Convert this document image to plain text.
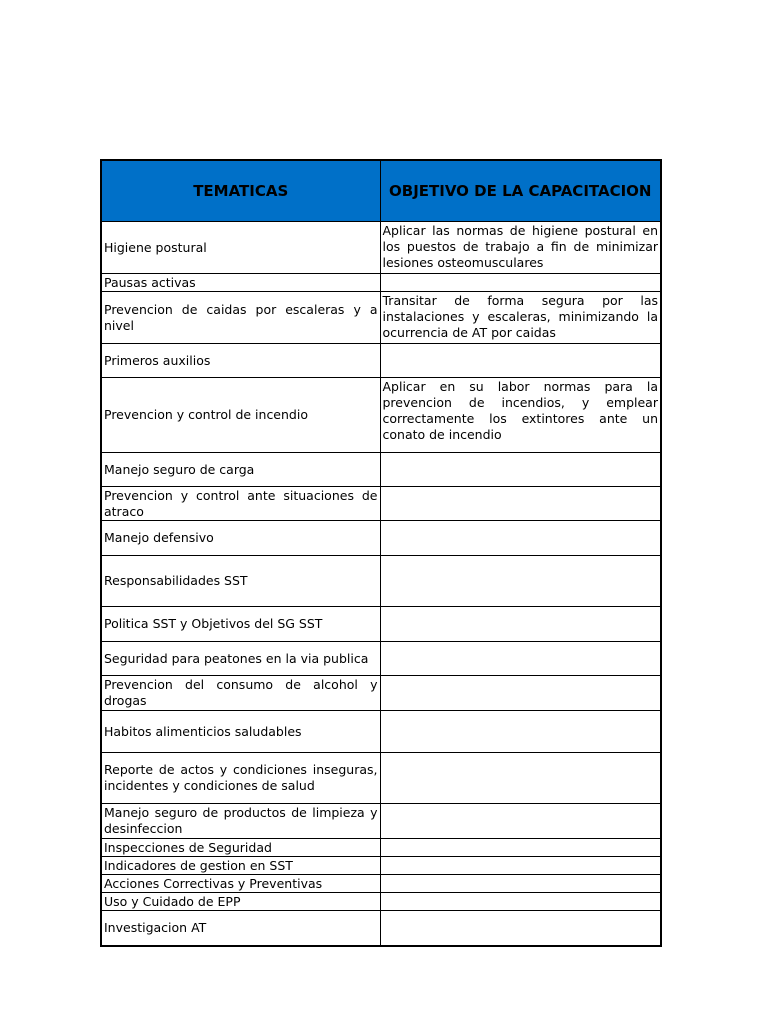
TEMATICAS	OBJETIVO DE LA CAPACITACION
Higiene postural	Aplicar las normas de higiene postural en los puestos de trabajo a fin de minimizar lesiones osteomusculares
Pausas activas	
Prevencion de caidas por escaleras y a nivel	Transitar de forma segura por las instalaciones y escaleras, minimizando la ocurrencia de AT por caidas
Primeros auxilios	
Prevencion y control de incendio	Aplicar en su labor normas para la prevencion de incendios, y emplear correctamente los extintores ante un conato de incendio
Manejo seguro de carga	
Prevencion y control ante situaciones de atraco	
Manejo defensivo	
Responsabilidades SST	
Politica SST y Objetivos del SG SST	
Seguridad para peatones en la via publica	
Prevencion del consumo de alcohol y drogas	
Habitos alimenticios saludables	
Reporte de actos y condiciones inseguras, incidentes y condiciones de salud	
Manejo seguro de productos de limpieza y desinfeccion	
Inspecciones de Seguridad	
Indicadores de gestion en SST	
Acciones Correctivas y Preventivas	
Uso y Cuidado de EPP	
Investigacion AT	
